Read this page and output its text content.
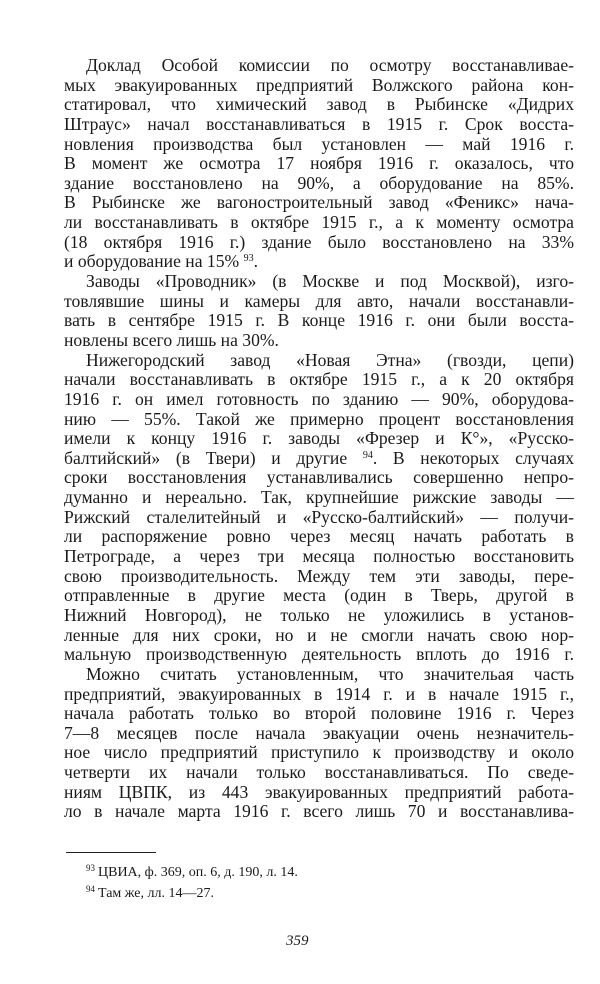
Доклад Особой комиссии по осмотру восстанавливае-
мых эвакуированных предприятий Волжского района кон-
статировал, что химический завод в Рыбинске «Дидрих
Штраус» начал восстанавливаться в 1915 г. Срок восста-
новления производства был установлен — май 1916 г.
В момент же осмотра 17 ноября 1916 г. оказалось, что
здание восстановлено на 90%, а оборудование на 85%.
В Рыбинске же вагоностроительный завод «Феникс» нача-
ли восстанавливать в октябре 1915 г., а к моменту осмотра
(18 октября 1916 г.) здание было восстановлено на 33%
и оборудование на 15% $^{93}$.
Заводы «Проводник» (в Москве и под Москвой), изго-
товлявшие шины и камеры для авто, начали восстанавли-
вать в сентябре 1915 г. В конце 1916 г. они были восста-
новлены всего лишь на 30%.
Нижегородский завод «Новая Этна» (гвозди, цепи)
начали восстанавливать в октябре 1915 г., а к 20 октября
1916 г. он имел готовность по зданию — 90%, оборудова-
нию — 55%. Такой же примерно процент восстановления
имели к концу 1916 г. заводы «Фрезер и К°», «Русско-
балтийский» (в Твери) и другие $^{94}$. В некоторых случаях
сроки восстановления устанавливались совершенно непро-
думанно и нереально. Так, крупнейшие рижские заводы —
Рижский сталелитейный и «Русско-балтийский» — получи-
ли распоряжение ровно через месяц начать работать в
Петрограде, а через три месяца полностью восстановить
свою производительность. Между тем эти заводы, пере-
отправленные в другие места (один в Тверь, другой в
Нижний Новгород), не только не уложились в установ-
ленные для них сроки, но и не смогли начать свою нор-
мальную производственную деятельность вплоть до 1916 г.
Можно считать установленным, что значительая часть
предприятий, эвакуированных в 1914 г. и в начале 1915 г.,
начала работать только во второй половине 1916 г. Через
7—8 месяцев после начала эвакуации очень незначитель-
ное число предприятий приступило к производству и около
четверти их начали только восстанавливаться. По сведе-
ниям ЦВПК, из 443 эвакуированных предприятий работа-
ло в начале марта 1916 г. всего лишь 70 и восстанавлива-
$^{93}$ ЦВИА, ф. 369, оп. 6, д. 190, л. 14.
$^{94}$ Там же, лл. 14—27.
359
